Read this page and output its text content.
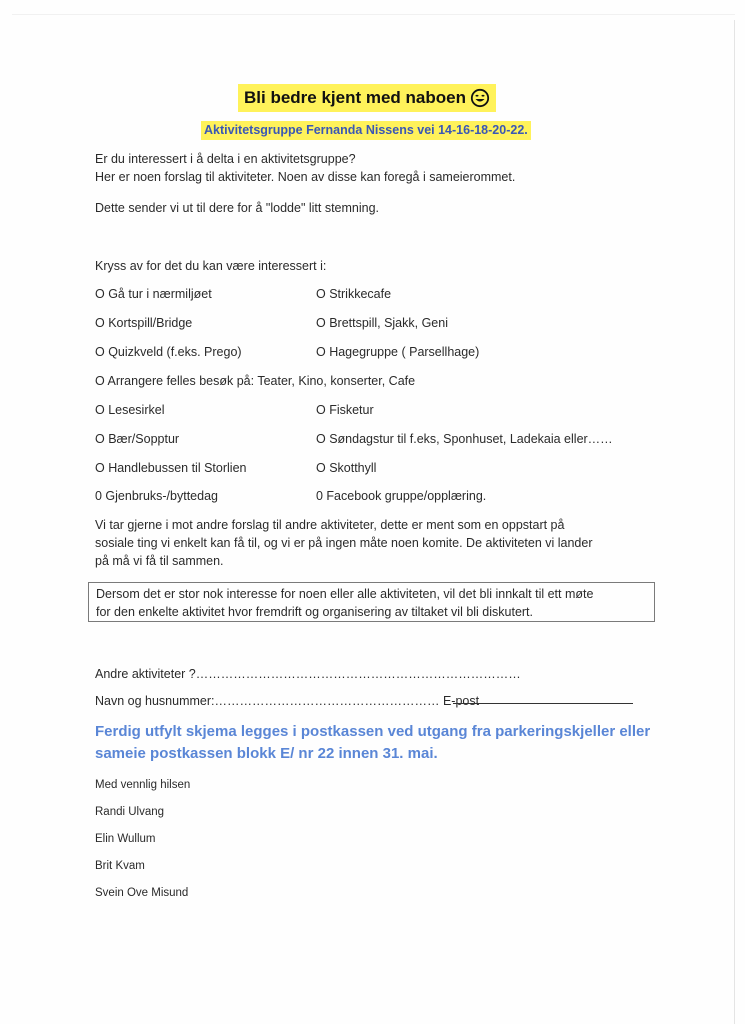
Bli bedre kjent med naboen
Aktivitetsgruppe Fernanda Nissens vei 14-16-18-20-22.
Er du interessert i å delta i en aktivitetsgruppe?
Her er noen forslag til aktiviteter. Noen av disse kan foregå i sameierommet.
Dette sender vi ut til dere for å "lodde" litt stemning.
Kryss av for det du kan være interessert i:
O Gå tur i nærmiljøet	O Strikkecafe
O Kortspill/Bridge	O Brettspill, Sjakk, Geni
O Quizkveld (f.eks. Prego)	O Hagegruppe ( Parsellhage)
O Arrangere felles besøk på: Teater, Kino, konserter, Cafe
O Lesesirkel	O Fisketur
O Bær/Sopptur	O Søndagstur til f.eks, Sponhuset, Ladekaia eller……
O Handlebussen til Storlien	O Skotthyll
0 Gjenbruks-/byttedag	0 Facebook gruppe/opplæring.
Vi tar gjerne i mot andre forslag til andre aktiviteter, dette er ment som en oppstart på
sosiale ting vi enkelt kan få til, og vi er på ingen måte noen komite. De aktiviteten vi lander
på må vi få til sammen.
Dersom det er stor nok interesse for noen eller alle aktiviteten, vil det bli innkalt til ett møte
for den enkelte aktivitet hvor fremdrift og organisering av tiltaket vil bli diskutert.
Andre aktiviteter ?……………………………………………………………………
Navn og husnummer:……………………………………………… E-post
Ferdig utfylt skjema legges i postkassen ved utgang fra parkeringskjeller eller
sameie postkassen blokk E/ nr 22 innen 31. mai.
Med vennlig hilsen
Randi Ulvang
Elin Wullum
Brit Kvam
Svein Ove Misund
